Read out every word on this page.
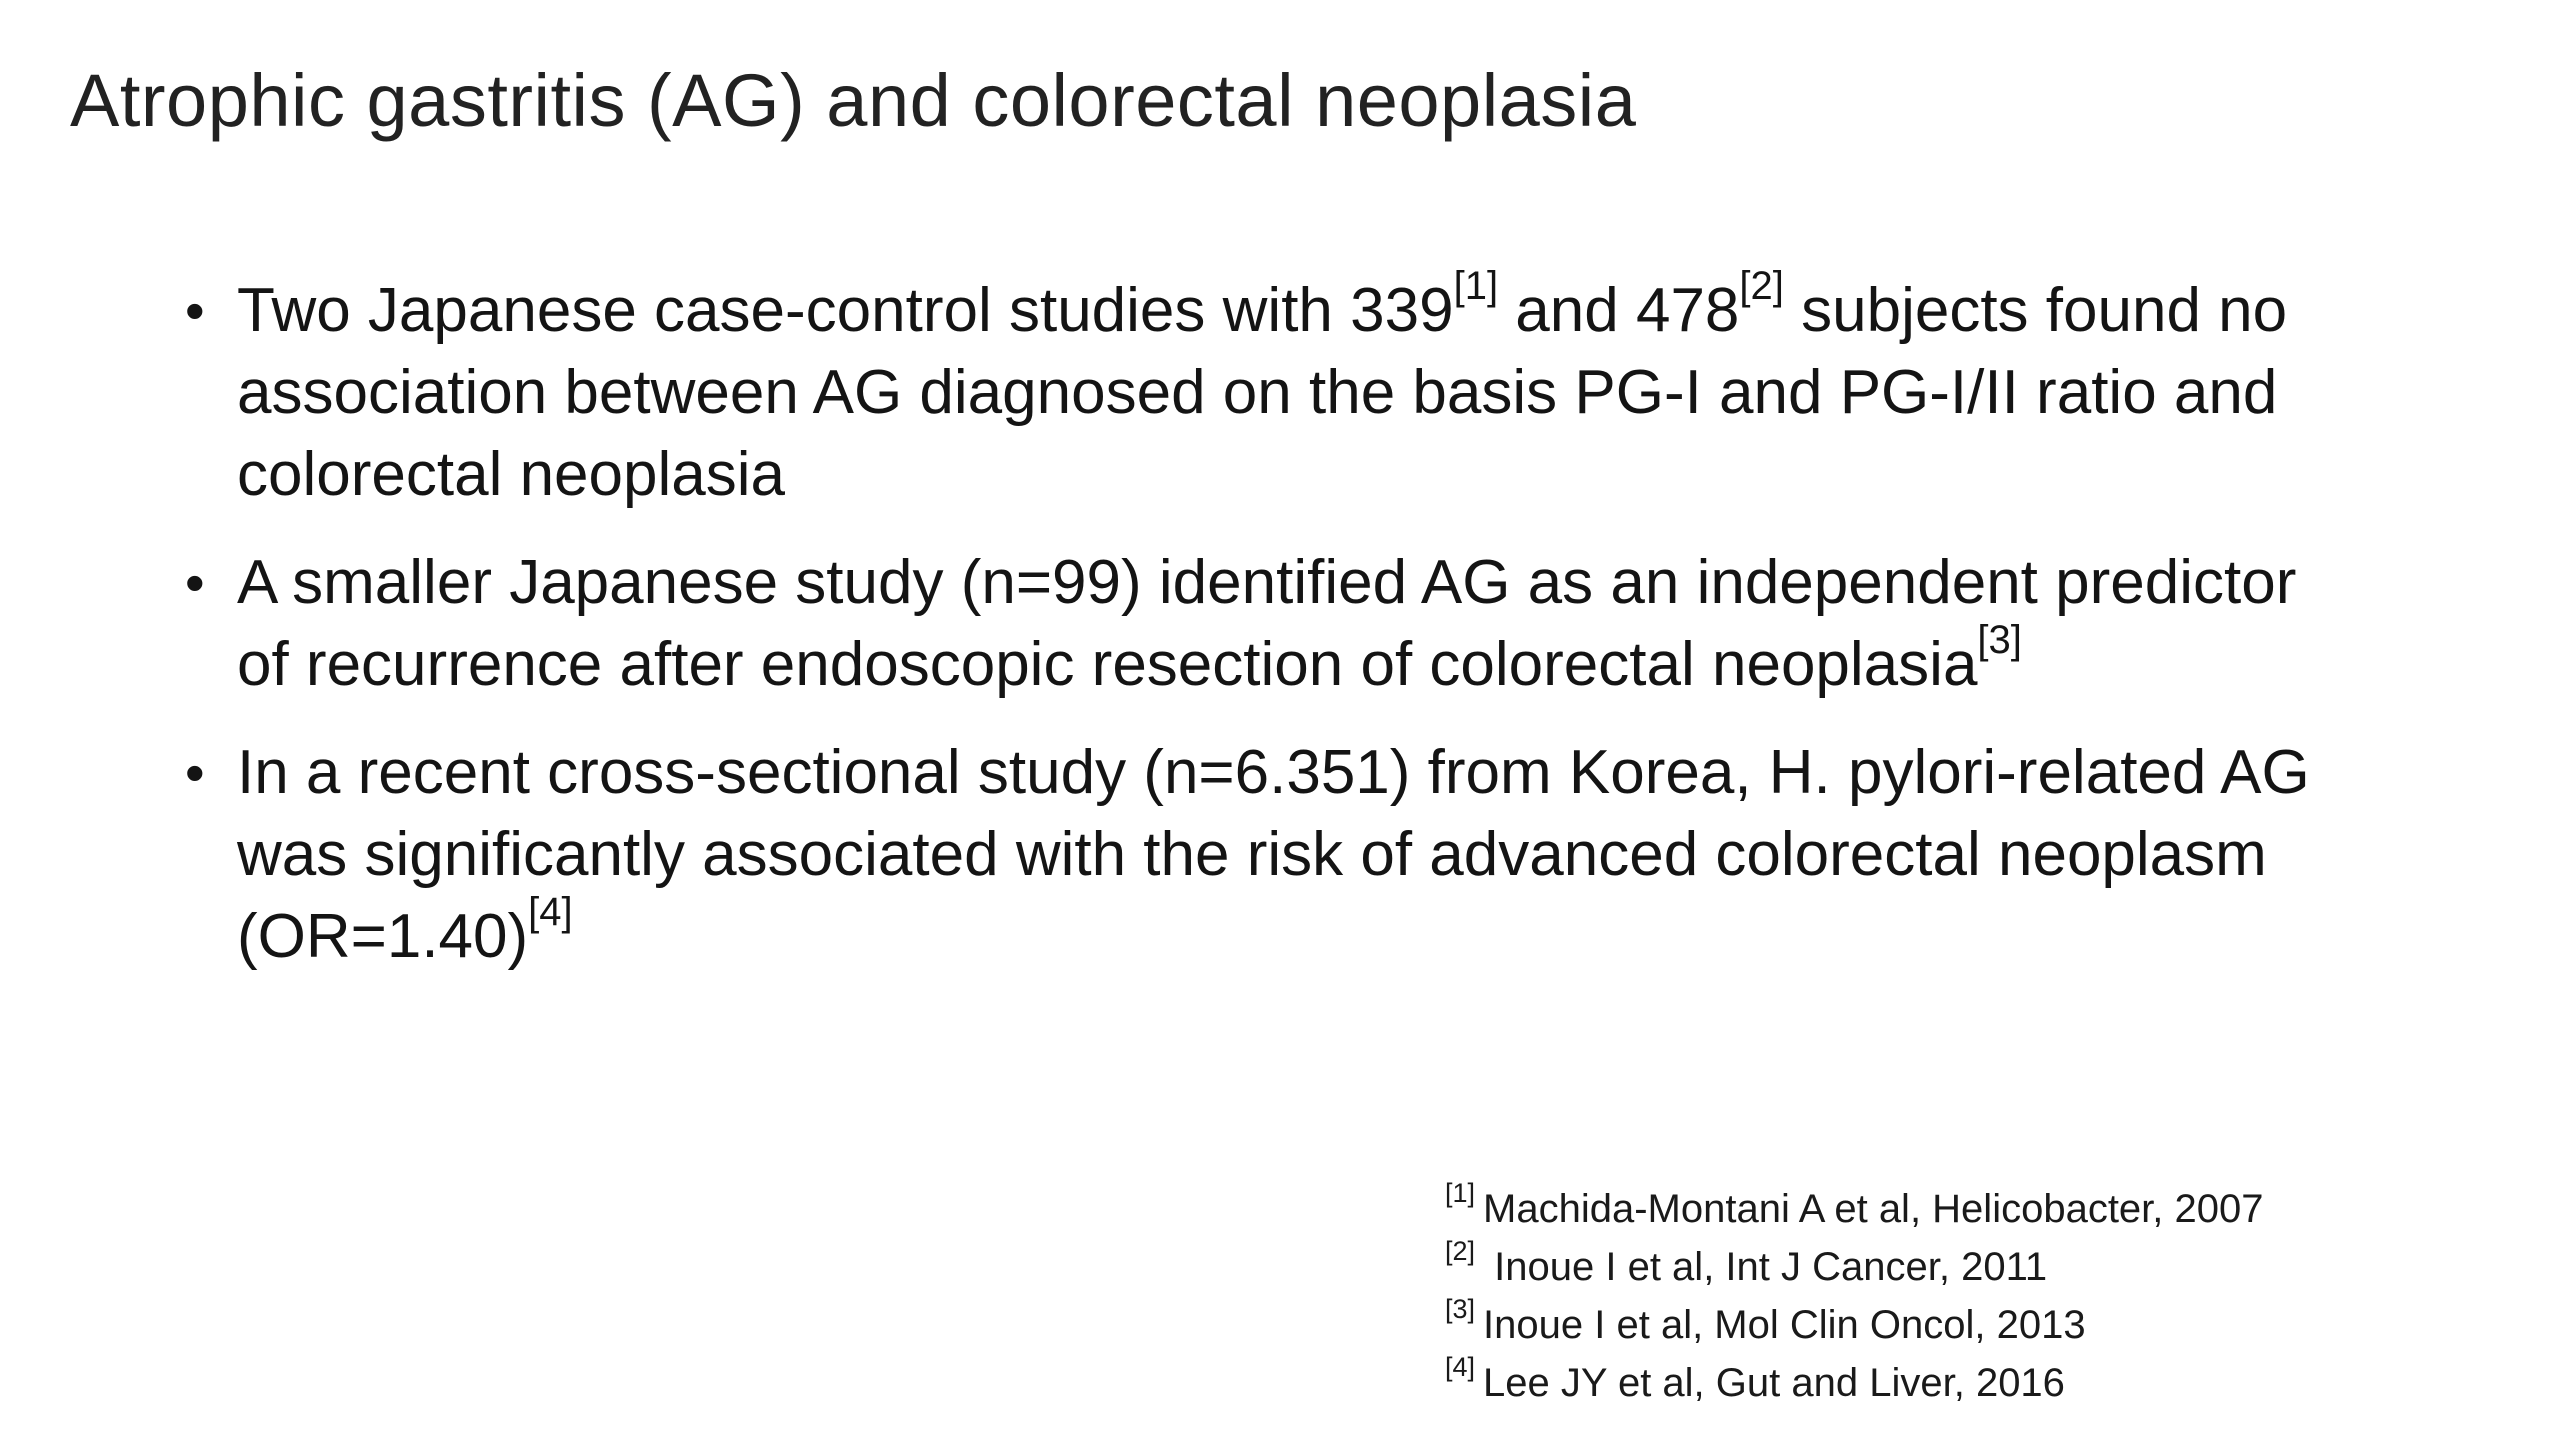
Atrophic gastritis (AG) and colorectal neoplasia
• Two Japanese case-control studies with 339[1] and 478[2] subjects found no association between AG diagnosed on the basis PG-I and PG-I/II ratio and colorectal neoplasia
• A smaller Japanese study (n=99) identified AG as an independent predictor of recurrence after endoscopic resection of colorectal neoplasia[3]
• In a recent cross-sectional study (n=6.351) from Korea, H. pylori-related AG was significantly associated with the risk of advanced colorectal neoplasm (OR=1.40)[4]
[1] Machida-Montani A et al, Helicobacter, 2007
[2] Inoue I et al, Int J Cancer, 2011
[3] Inoue I et al, Mol Clin Oncol, 2013
[4] Lee JY et al, Gut and Liver, 2016
